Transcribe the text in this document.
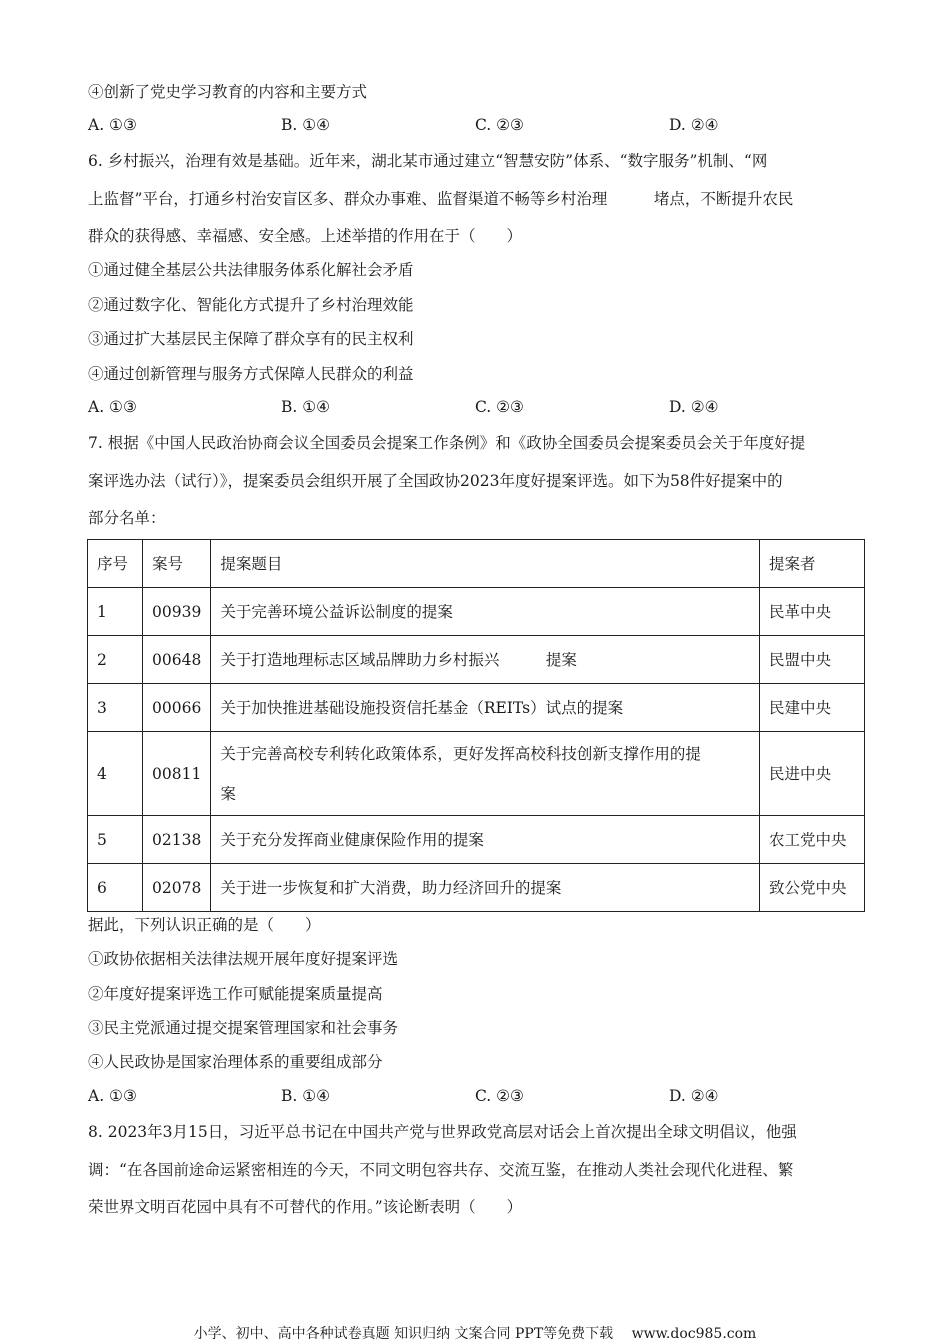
④创新了党史学习教育的内容和主要方式
A. ①③	B. ①④	C. ②③	D. ②④
6. 乡村振兴，治理有效是基础。近年来，湖北某市通过建立“智慧安防”体系、“数字服务”机制、“网
上监督”平台，打通乡村治安盲区多、群众办事难、监督渠道不畅等乡村治理　　　堵点，不断提升农民
群众的获得感、幸福感、安全感。上述举措的作用在于（　　）
①通过健全基层公共法律服务体系化解社会矛盾
②通过数字化、智能化方式提升了乡村治理效能
③通过扩大基层民主保障了群众享有的民主权利
④通过创新管理与服务方式保障人民群众的利益
A. ①③	B. ①④	C. ②③	D. ②④
7. 根据《中国人民政治协商会议全国委员会提案工作条例》和《政协全国委员会提案委员会关于年度好提
案评选办法（试行）》，提案委员会组织开展了全国政协2023年度好提案评选。如下为58件好提案中的
部分名单：
序号	案号	提案题目	提案者
1	00939	关于完善环境公益诉讼制度的提案	民革中央
2	00648	关于打造地理标志区域品牌助力乡村振兴　　　提案	民盟中央
3	00066	关于加快推进基础设施投资信托基金（REITs）试点的提案	民建中央
4	00811	关于完善高校专利转化政策体系，更好发挥高校科技创新支撑作用的提
案	民进中央
5	02138	关于充分发挥商业健康保险作用的提案	农工党中央
6	02078	关于进一步恢复和扩大消费，助力经济回升的提案	致公党中央
据此，下列认识正确的是（　　）
①政协依据相关法律法规开展年度好提案评选
②年度好提案评选工作可赋能提案质量提高
③民主党派通过提交提案管理国家和社会事务
④人民政协是国家治理体系的重要组成部分
A. ①③	B. ①④	C. ②③	D. ②④
8. 2023年3月15日，习近平总书记在中国共产党与世界政党高层对话会上首次提出全球文明倡议，他强
调：“在各国前途命运紧密相连的今天，不同文明包容共存、交流互鉴，在推动人类社会现代化进程、繁
荣世界文明百花园中具有不可替代的作用。”该论断表明（　　）
小学、初中、高中各种试卷真题 知识归纳 文案合同 PPT等免费下载　 www.doc985.com
